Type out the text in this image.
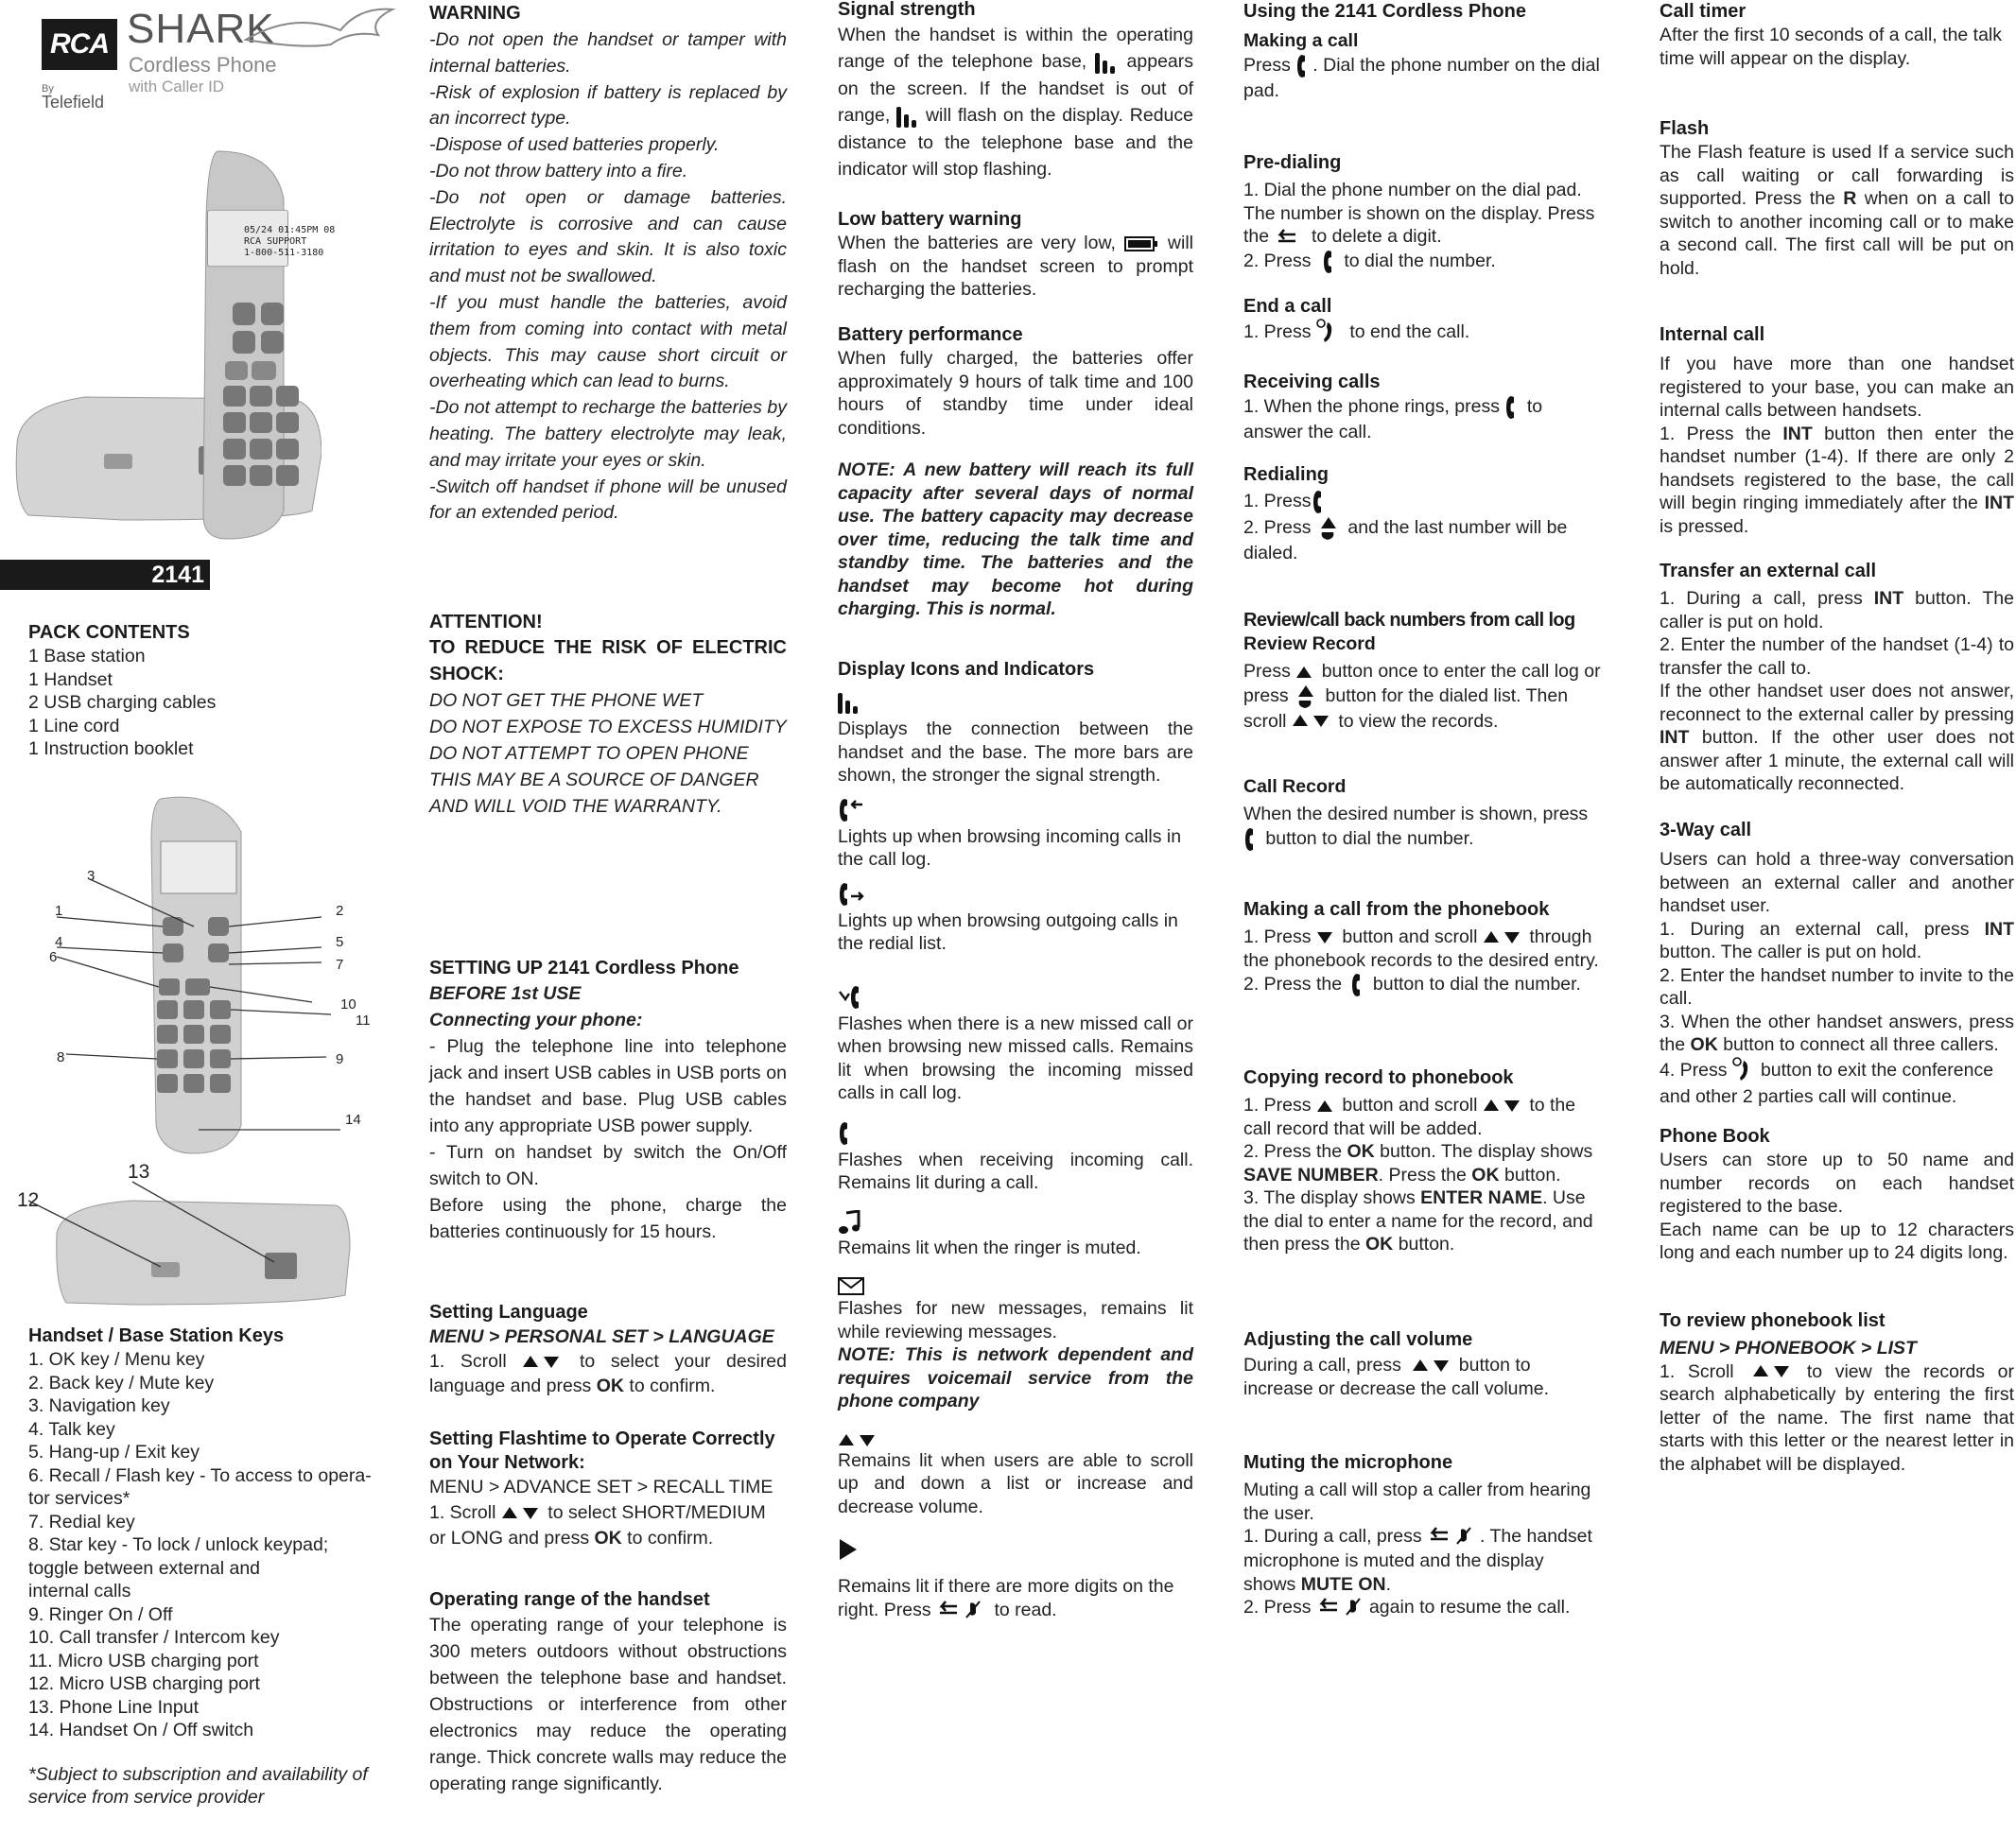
RCA SHARK
Cordless Phone
with Caller ID
By
Telefield
05/24 01:45PM 08
RCA SUPPORT
1-800-511-3180
2141
PACK CONTENTS
1 Base station
1 Handset
2 USB charging cables
1 Line cord
1 Instruction booklet
3
1	2
4
6
5
7
10
11
8	9
14
13
12
Handset / Base Station Keys
1. OK key / Menu key
2. Back key / Mute key
3. Navigation key
4. Talk key
5. Hang-up / Exit key
6. Recall / Flash key - To access to opera-
tor services*
7. Redial key
8. Star key - To lock / unlock keypad;
toggle between external and
internal calls
9. Ringer On / Off
10. Call transfer / Intercom key
11. Micro USB charging port
12. Micro USB charging port
13. Phone Line Input
14. Handset On / Off switch
*Subject to subscription and availability of service from service provider
WARNING

-Do not open the handset or tamper with internal batteries.

-Risk of explosion if battery is replaced by an incorrect type.

-Dispose of used batteries properly.

-Do not throw battery into a fire.

-Do not open or damage batteries. Electrolyte is corrosive and can cause irritation to eyes and skin. It is also toxic and must not be swallowed.

-If you must handle the batteries, avoid them from coming into contact with metal objects. This may cause short circuit or overheating which can lead to burns.

-Do not attempt to recharge the batteries by heating. The battery electrolyte may leak, and may irritate your eyes or skin.

-Switch off handset if phone will be unused for an extended period.

ATTENTION!
TO REDUCE THE RISK OF ELECTRIC SHOCK:

DO NOT GET THE PHONE WET

DO NOT EXPOSE TO EXCESS HUMIDITY

DO NOT ATTEMPT TO OPEN PHONE

THIS MAY BE A SOURCE OF DANGER AND WILL VOID THE WARRANTY.

SETTING UP 2141 Cordless Phone
BEFORE 1st USE
Connecting your phone:

- Plug the telephone line into telephone jack and insert USB cables in USB ports on the handset and base. Plug USB cables into any appropriate USB power supply.

- Turn on handset by switch the On/Off switch to ON.

Before using the phone, charge the batteries continuously for 15 hours.

Setting Language
MENU > PERSONAL SET > LANGUAGE

1. Scroll	to select your desired language and press OK to confirm.

Setting Flashtime to Operate Correctly on Your Network:
MENU > ADVANCE SET > RECALL TIME

1. Scroll	to select SHORT/MEDIUM or LONG and press OK to confirm.

Operating range of the handset

The operating range of your telephone is 300 meters outdoors without obstructions between the telephone base and handset. Obstructions or interference from other electronics may reduce the operating range. Thick concrete walls may reduce the operating range significantly.

Signal strength

When the handset is within the operating range of the telephone base, appears on the screen. If the handset is out of range, will flash on the display. Reduce distance to the telephone base and the indicator will stop flashing.

Low battery warning

When the batteries are very low,	will flash on the handset screen to prompt recharging the batteries.

Battery performance

When fully charged, the batteries offer approximately 9 hours of talk time and 100 hours of standby time under ideal conditions.

NOTE: A new battery will reach its full capacity after several days of normal use. The battery capacity may decrease over time, reducing the talk time and standby time. The batteries and the handset may become hot during charging. This is normal.

Display Icons and Indicators

Displays the connection between the handset and the base. The more bars are shown, the stronger the signal strength.

Lights up when browsing incoming calls in the call log.

Lights up when browsing outgoing calls in the redial list.

Flashes when there is a new missed call or when browsing new missed calls. Remains lit when browsing the incoming missed calls in call log.

Flashes when receiving incoming call. Remains lit during a call.

Remains lit when the ringer is muted.

Flashes for new messages, remains lit while reviewing messages.

NOTE: This is network dependent and requires voicemail service from the phone company

Remains lit when users are able to scroll up and down a list or increase and decrease volume.

Remains lit if there are more digits on the right. Press	to read.

Using the 2141 Cordless Phone
Making a call

Press . Dial the phone number on the dial pad.

Pre-dialing

1. Dial the phone number on the dial pad. The number is shown on the display. Press the to delete a digit.

2. Press to dial the number.

End a call

1. Press to end the call.

Receiving calls

1. When the phone rings, press to answer the call.

Redialing

1. Press

2. Press and the last number will be dialed.

Review/call back numbers from call log
Review Record

Press button once to enter the call log or press button for the dialed list. Then scroll	to view the records.

Call Record

When the desired number is shown, press  button to dial the number.

Making a call from the phonebook

1. Press button and scroll	through the phonebook records to the desired entry.

2. Press the button to dial the number.

Copying record to phonebook

1. Press button and scroll	to the call record that will be added.

2. Press the OK button. The display shows SAVE NUMBER. Press the OK button.

3. The display shows ENTER NAME. Use the dial to enter a name for the record, and then press the OK button.

Adjusting the call volume

During a call, press	button to increase or decrease the call volume.

Muting the microphone

Muting a call will stop a caller from hearing the user.

1. During a call, press	. The handset microphone is muted and the display shows MUTE ON.

2. Press	again to resume the call.

Call timer

After the first 10 seconds of a call, the talk time will appear on the display.

Flash

The Flash feature is used If a service such as call waiting or call forwarding is supported. Press the R when on a call to switch to another incoming call or to make a second call. The first call will be put on hold.

Internal call

If you have more than one handset registered to your base, you can make an internal calls between handsets.

1. Press the INT button then enter the handset number (1-4). If there are only 2 handsets registered to the base, the call will begin ringing immediately after the INT is pressed.

Transfer an external call

1. During a call, press INT button. The caller is put on hold.

2. Enter the number of the handset (1-4) to transfer the call to.

If the other handset user does not answer, reconnect to the external caller by pressing INT button. If the other user does not answer after 1 minute, the external call will be automatically reconnected.

3-Way call

Users can hold a three-way conversation between an external caller and another handset user.

1. During an external call, press INT button. The caller is put on hold.

2. Enter the handset number to invite to the call.

3. When the other handset answers, press the OK button to connect all three callers.

4. Press button to exit the conference and other 2 parties call will continue.

Phone Book

Users can store up to 50 name and number records on each handset registered to the base.

Each name can be up to 12 characters long and each number up to 24 digits long.

To review phonebook list
MENU > PHONEBOOK > LIST

1. Scroll	to view the records or search alphabetically by entering the first letter of the name. The first name that starts with this letter or the nearest letter in the alphabet will be displayed.
